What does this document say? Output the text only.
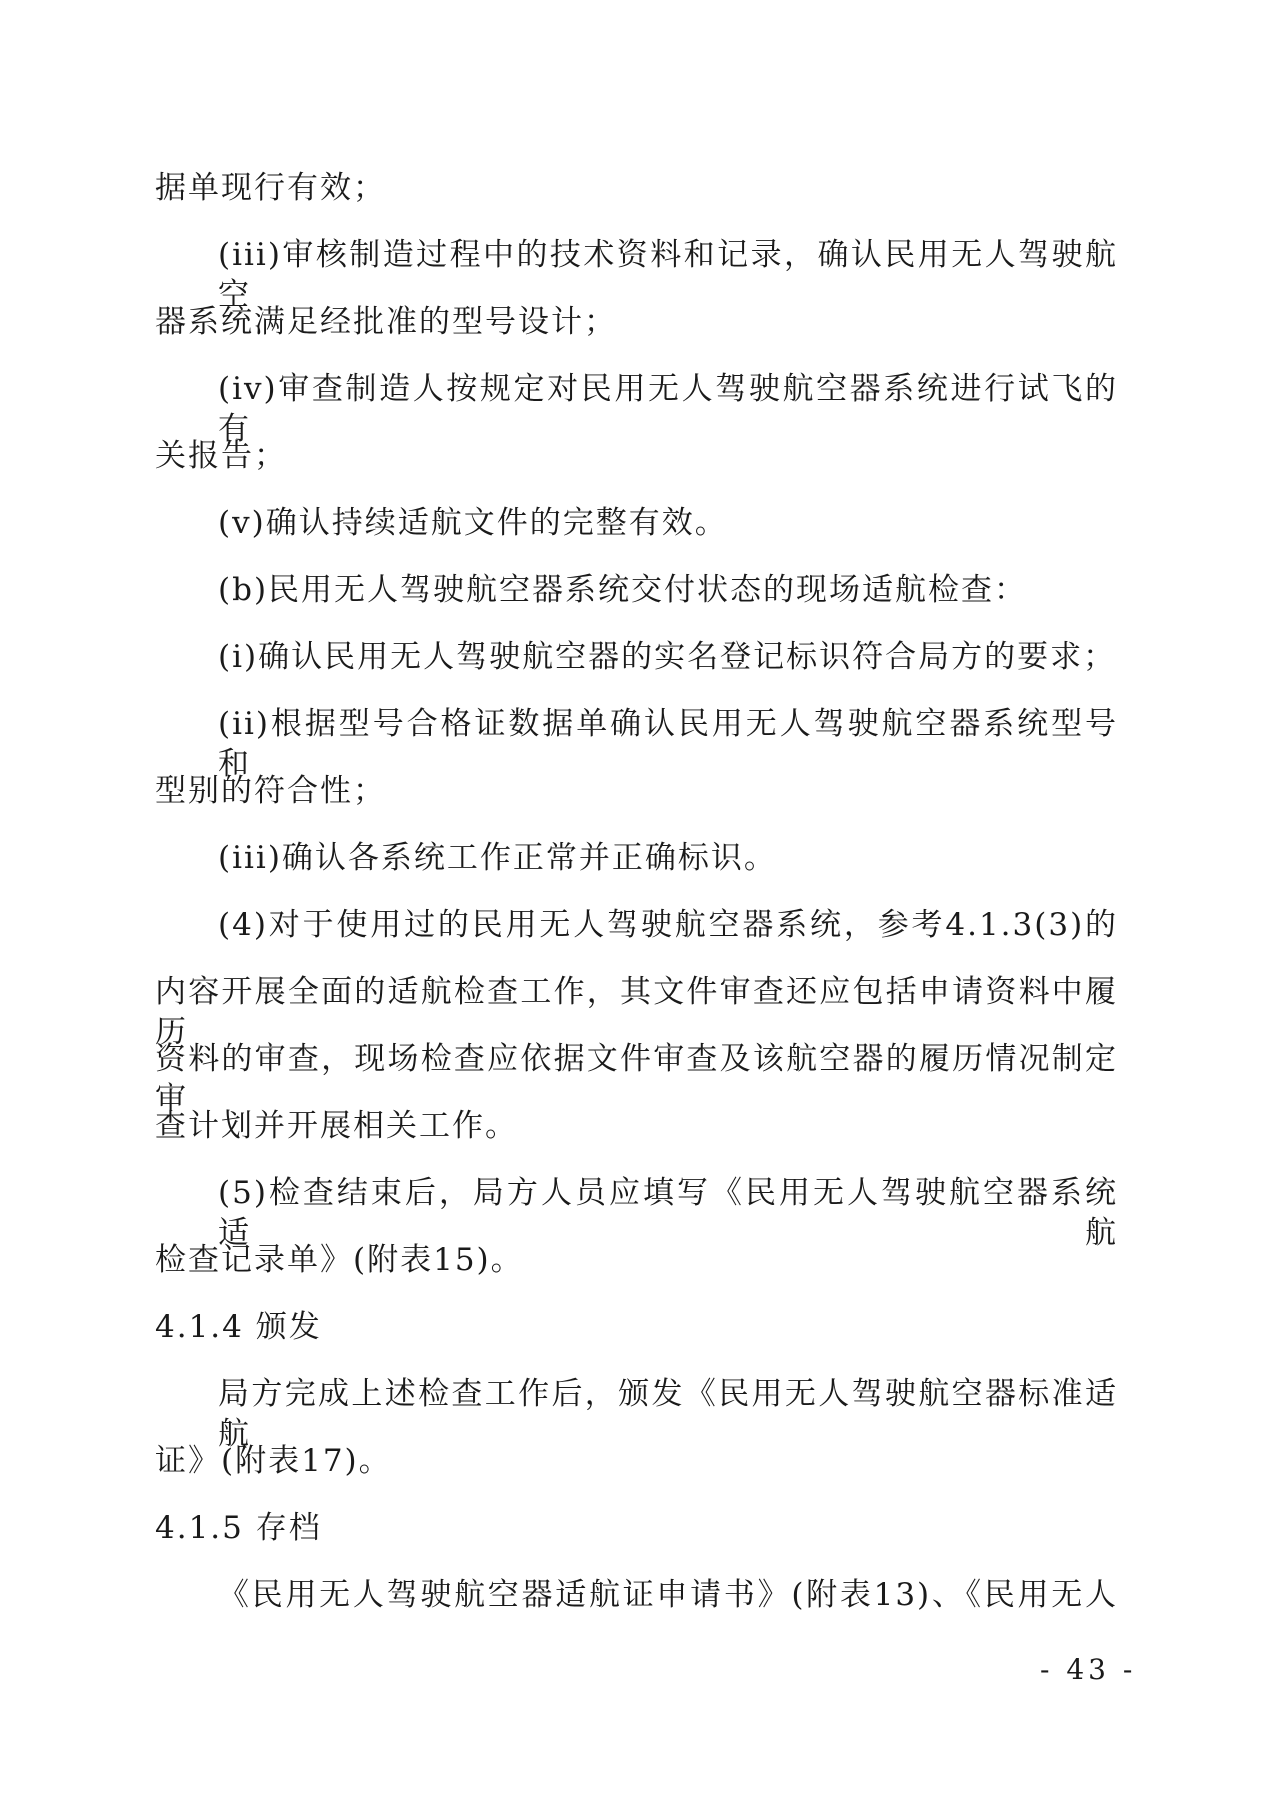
据单现行有效；
(iii)审核制造过程中的技术资料和记录，确认民用无人驾驶航空
器系统满足经批准的型号设计；
(iv)审查制造人按规定对民用无人驾驶航空器系统进行试飞的有
关报告；
(v)确认持续适航文件的完整有效。
(b)民用无人驾驶航空器系统交付状态的现场适航检查：
(i)确认民用无人驾驶航空器的实名登记标识符合局方的要求；
(ii)根据型号合格证数据单确认民用无人驾驶航空器系统型号和
型别的符合性；
(iii)确认各系统工作正常并正确标识。
(4)对于使用过的民用无人驾驶航空器系统，参考4.1.3(3)的
内容开展全面的适航检查工作，其文件审查还应包括申请资料中履历
资料的审查，现场检查应依据文件审查及该航空器的履历情况制定审
查计划并开展相关工作。
(5)检查结束后，局方人员应填写《民用无人驾驶航空器系统适航
检查记录单》(附表15)。
4.1.4 颁发
局方完成上述检查工作后，颁发《民用无人驾驶航空器标准适航
证》(附表17)。
4.1.5 存档
《民用无人驾驶航空器适航证申请书》(附表13)、《民用无人
- 43 -
